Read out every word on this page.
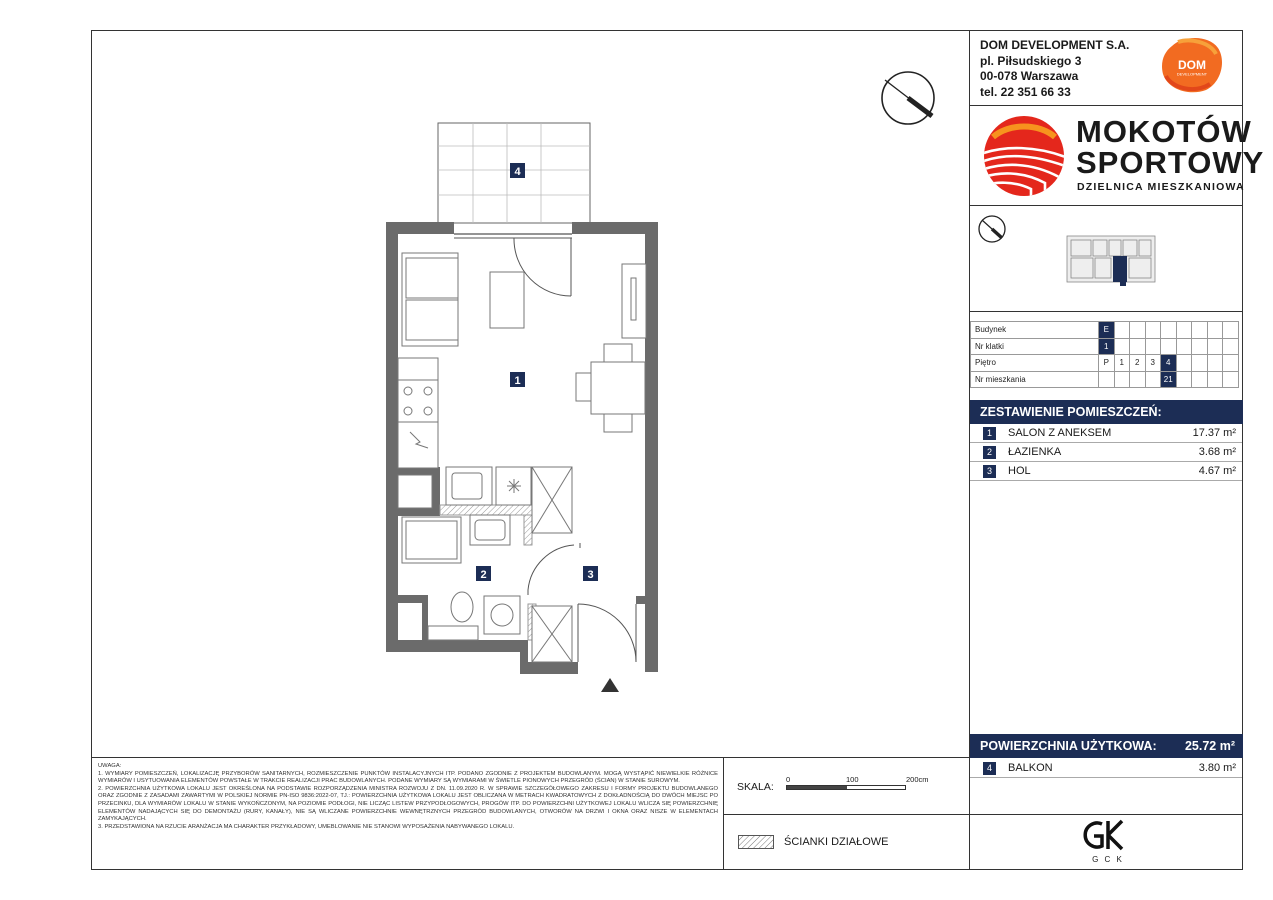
DOM DEVELOPMENT S.A.
pl. Piłsudskiego 3
00-078 Warszawa
tel. 22 351 66 33
DOM
DEVELOPMENT
MOKOTÓW
SPORTOWY
DZIELNICA MIESZKANIOWA
Budynek	E								
Nr klatki	1								
Piętro	P	1	2	3	4				
Nr mieszkania					21				
ZESTAWIENIE POMIESZCZEŃ:
1	SALON Z ANEKSEM	17.37 m²
2	ŁAZIENKA	3.68 m²
3	HOL	4.67 m²
POWIERZCHNIA UŻYTKOWA: 25.72 m²
4	BALKON	3.80 m²
G C K
UWAGA:
1. WYMIARY POMIESZCZEŃ, LOKALIZACJĘ PRZYBORÓW SANITARNYCH, ROZMIESZCZENIE PUNKTÓW INSTALACYJNYCH ITP. PODANO ZGODNIE Z PROJEKTEM BUDOWLANYM. MOGĄ WYSTĄPIĆ NIEWIELKIE RÓŻNICE WYMIARÓW I USYTUOWANIA ELEMENTÓW POWSTAŁE W TRAKCIE REALIZACJI PRAC BUDOWLANYCH. PODANE WYMIARY SĄ WYMIARAMI W ŚWIETLE PIONOWYCH PRZEGRÓD (ŚCIAN) W STANIE SUROWYM.
2. POWIERZCHNIA UŻYTKOWA LOKALU JEST OKREŚLONA NA PODSTAWIE ROZPORZĄDZENIA MINISTRA ROZWOJU Z DN. 11.09.2020 R. W SPRAWIE SZCZEGÓŁOWEGO ZAKRESU I FORMY PROJEKTU BUDOWLANEGO ORAZ ZGODNIE Z ZASADAMI ZAWARTYMI W POLSKIEJ NORMIE PN-ISO 9836:2022-07, TJ.: POWIERZCHNIA UŻYTKOWA LOKALU JEST OBLICZANA W METRACH KWADRATOWYCH Z DOKŁADNOŚCIĄ DO DWÓCH MIEJSC PO PRZECINKU, DLA WYMIARÓW LOKALU W STANIE WYKOŃCZONYM, NA POZIOMIE PODŁOGI, NIE LICZĄC LISTEW PRZYPODŁOGOWYCH, PROGÓW ITP. DO POWIERZCHNI UŻYTKOWEJ LOKALU WLICZA SIĘ POWIERZCHNIĘ ELEMENTÓW NADAJĄCYCH SIĘ DO DEMONTAŻU (RURY, KANAŁY), NIE SĄ WLICZANE POWIERZCHNIE WEWNĘTRZNYCH PRZEGRÓD BUDOWLANYCH, OTWORÓW NA DRZWI I OKNA ORAZ NISZE W ELEMENTACH ZAMYKAJĄCYCH.
3. PRZEDSTAWIONA NA RZUCIE ARANŻACJA MA CHARAKTER PRZYKŁADOWY, UMEBLOWANIE NIE STANOWI WYPOSAŻENIA NABYWANEGO LOKALU.
SKALA:
0	100	200cm
ŚCIANKI DZIAŁOWE
4
1
2	3
